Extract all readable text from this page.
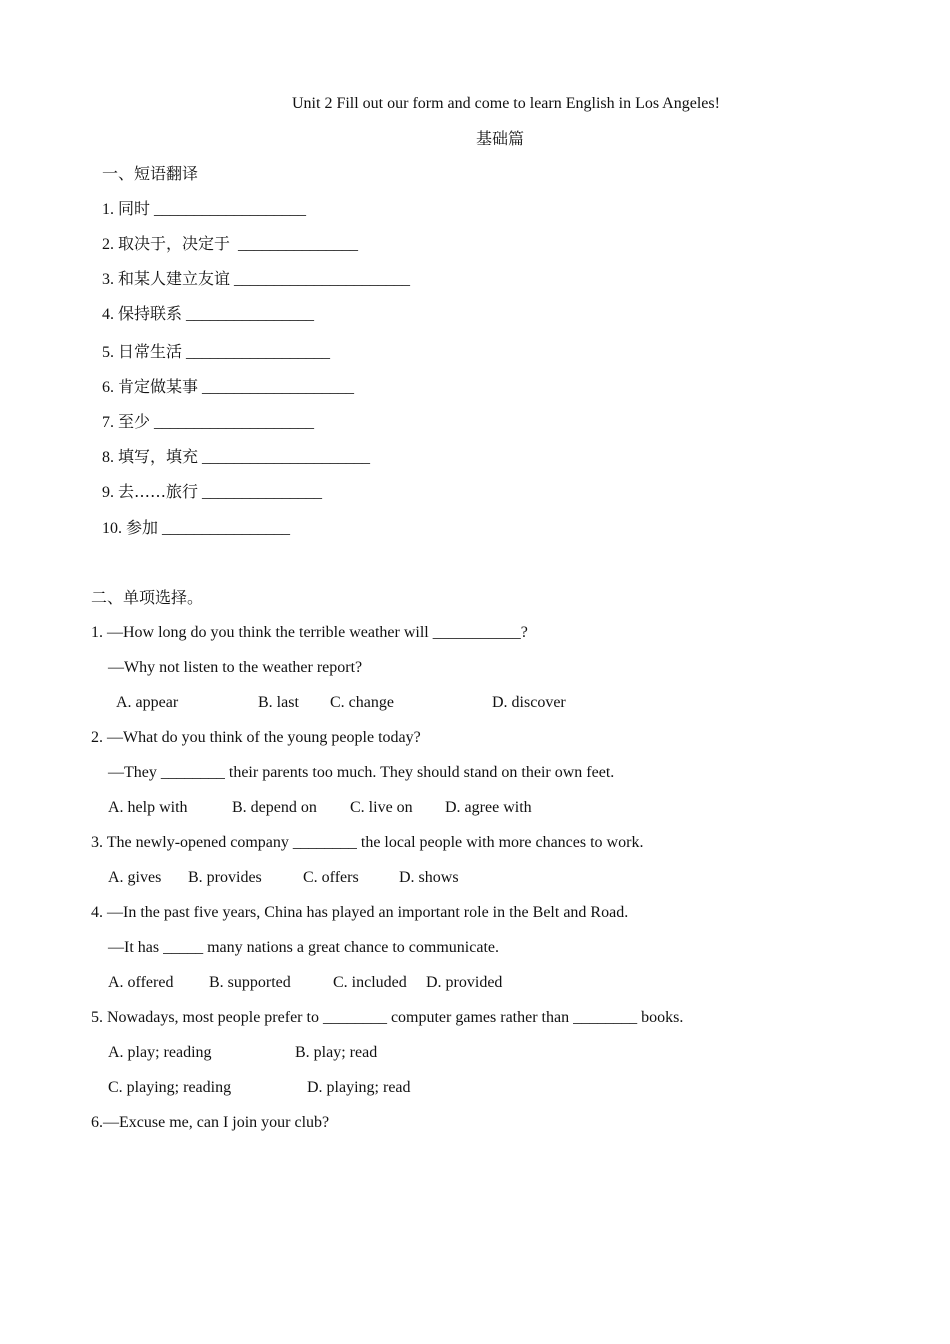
Unit 2 Fill out our form and come to learn English in Los Angeles!
基础篇
一、短语翻译
1. 同时 ___________________
2. 取决于，决定于 _______________
3. 和某人建立友谊 ______________________
4. 保持联系 ________________
5. 日常生活 __________________
6. 肯定做某事 ___________________
7. 至少 ____________________
8. 填写，填充 _____________________
9. 去……旅行 _______________
10. 参加 ________________
二、单项选择。
1. —How long do you think the terrible weather will ___________?
—Why not listen to the weather report?
A. appear	B. last C. change	D. discover
2. —What do you think of the young people today?
—They ________ their parents too much. They should stand on their own feet.
A. help with	B. depend on C. live on D. agree with
3. The newly-opened company ________ the local people with more chances to work.
A. gives B. provides	C. offers	D. shows
4. —In the past five years, China has played an important role in the Belt and Road.
—It has _____ many nations a great chance to communicate.
A. offered B. supported	C. included D. provided
5. Nowadays, most people prefer to ________ computer games rather than ________ books.
A. play; reading	B. play; read
C. playing; reading	D. playing; read
6.—Excuse me, can I join your club?
